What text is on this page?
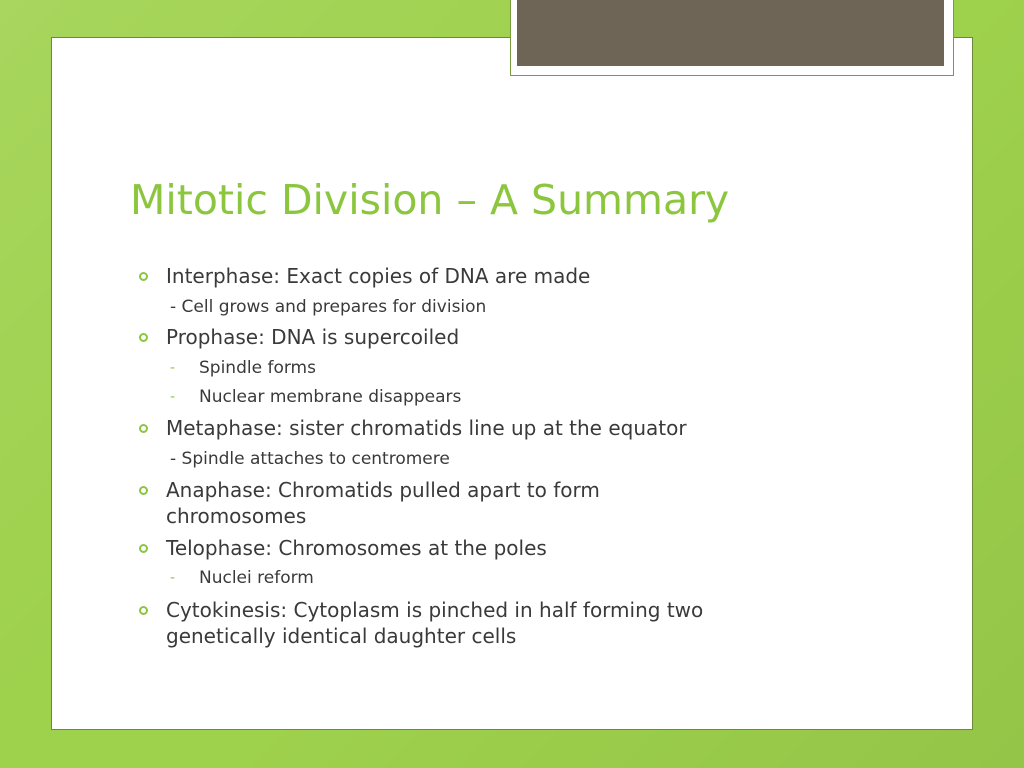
Mitotic Division – A Summary
Interphase: Exact copies of DNA are made
- Cell grows and prepares for division
Prophase: DNA is supercoiled
- Spindle forms
- Nuclear membrane disappears
Metaphase: sister chromatids line up at the equator
- Spindle attaches to centromere
Anaphase: Chromatids pulled apart to form
chromosomes
Telophase: Chromosomes at the poles
- Nuclei reform
Cytokinesis: Cytoplasm is pinched in half forming two
genetically identical daughter cells
